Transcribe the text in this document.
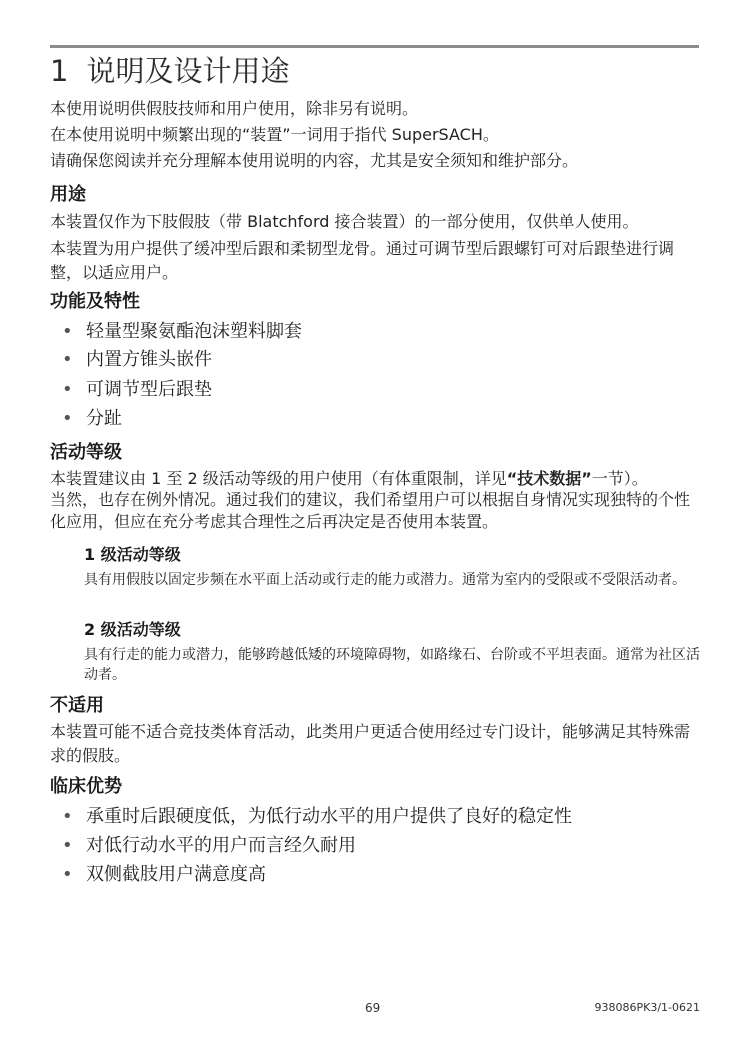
1 说明及设计用途
本使用说明供假肢技师和用户使用，除非另有说明。
在本使用说明中频繁出现的“装置”一词用于指代 SuperSACH。
请确保您阅读并充分理解本使用说明的内容，尤其是安全须知和维护部分。
用途
本装置仅作为下肢假肢（带 Blatchford 接合装置）的一部分使用，仅供单人使用。
本装置为用户提供了缓冲型后跟和柔韧型龙骨。通过可调节型后跟螺钉可对后跟垫进行调整，以适应用户。
功能及特性
• 轻量型聚氨酯泡沫塑料脚套
• 内置方锥头嵌件
• 可调节型后跟垫
• 分趾
活动等级
本装置建议由 1 至 2 级活动等级的用户使用（有体重限制，详见“技术数据”一节）。
当然，也存在例外情况。通过我们的建议，我们希望用户可以根据自身情况实现独特的个性化应用，但应在充分考虑其合理性之后再决定是否使用本装置。
1 级活动等级
具有用假肢以固定步频在水平面上活动或行走的能力或潜力。通常为室内的受限或不受限活动者。
2 级活动等级
具有行走的能力或潜力，能够跨越低矮的环境障碍物，如路缘石、台阶或不平坦表面。通常为社区活动者。
不适用
本装置可能不适合竞技类体育活动，此类用户更适合使用经过专门设计，能够满足其特殊需求的假肢。
临床优势
• 承重时后跟硬度低，为低行动水平的用户提供了良好的稳定性
• 对低行动水平的用户而言经久耐用
• 双侧截肢用户满意度高
69	938086PK3/1-0621
